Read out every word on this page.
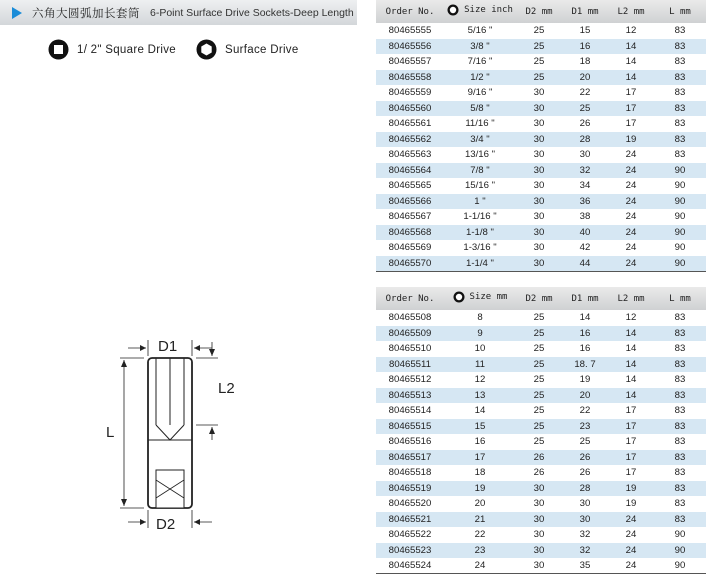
六角大圆弧加长套筒 6-Point Surface Drive Sockets-Deep Length
1/ 2" Square Drive	Surface Drive
D1
D2
L
L2
Order No.	Size inch	D2 mm	D1 mm	L2 mm	L mm
80465555	5/16 "	25	15	12	83
80465556	3/8 "	25	16	14	83
80465557	7/16 "	25	18	14	83
80465558	1/2 "	25	20	14	83
80465559	9/16 "	30	22	17	83
80465560	5/8 "	30	25	17	83
80465561	11/16 "	30	26	17	83
80465562	3/4 "	30	28	19	83
80465563	13/16 "	30	30	24	83
80465564	7/8 "	30	32	24	90
80465565	15/16 "	30	34	24	90
80465566	1 "	30	36	24	90
80465567	1-1/16 "	30	38	24	90
80465568	1-1/8 "	30	40	24	90
80465569	1-3/16 "	30	42	24	90
80465570	1-1/4 "	30	44	24	90
Order No.	Size mm	D2 mm	D1 mm	L2 mm	L mm
80465508	8	25	14	12	83
80465509	9	25	16	14	83
80465510	10	25	16	14	83
80465511	11	25	18. 7	14	83
80465512	12	25	19	14	83
80465513	13	25	20	14	83
80465514	14	25	22	17	83
80465515	15	25	23	17	83
80465516	16	25	25	17	83
80465517	17	26	26	17	83
80465518	18	26	26	17	83
80465519	19	30	28	19	83
80465520	20	30	30	19	83
80465521	21	30	30	24	83
80465522	22	30	32	24	90
80465523	23	30	32	24	90
80465524	24	30	35	24	90
